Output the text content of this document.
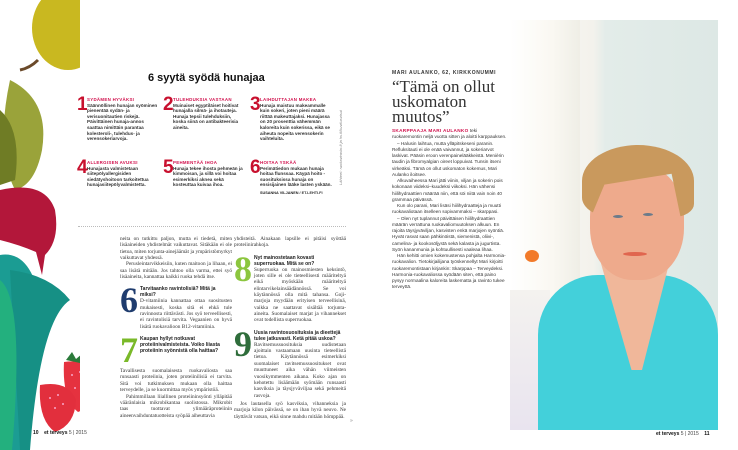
6 syytä syödä hunajaa
1 SYDÄMEN HYVÄKSI
Säännöllinen hunajan syöminen pienentää sydän- ja verisuonitautien riskejä. Päivittäinen hunaja-annos saattaa nimittäin parantaa kolesteroli-, tulehdus- ja verensokeriarvoja.
2 TULEHDUKSIA VASTAAN
Muinaiset egyptiläiset hoitivat hunajalla silmä- ja ihotauteja. Hunaja tepsii tulehduksiin, koska siinä on antibakteerisia aineita.
3 LAIHDUTTAJAN MAKEA
Hunaja maistuu makeammalle kuin sokeri, joten pieni määrä riittää makeuttajaksi. Hunajassa on 20 prosenttia vähemmän kaloreita kuin sokerissa, eikä se aiheuta nopeita verensokerin vaihteluita.
4 ALLERGISEN AVUKSI
Hunajasta valmistetaan siitepölyallergisiden siedätyshoitoon tarkoitettua hunajasiitepölyvalmistetta.
5 PEHMENTÄÄ IHOA
Hunaja tekee ihosta pehmeän ja kimmoisan, ja sillä voi hoitaa esimerkiksi aknea sekä kosteuttaa kuivaa ihoa.
6 HOITAA YSKÄÄ
Perimätiedon mukaan hunaja hoitaa flunssaa. Käypä hoito -suosituksissa hunaja on ensisijainen lääke lasten yskään.
SUSANNA VILJANEN / ET.LEHTI.FI
Lähteet: ruokavirasto.fi ja hs.fi/kuvitusvisut

neita on tutkittu paljon, mutta ei tiedetä, miten lisäaineiden yhdistelmät vaikuttavat. Sitäkään ei ole tietoa, miten torjunta-ainejäämät ja ympäristömyrkyt vaikuttavat yhdessä.

Perusleintarvikkeisiin, kuten maitoon ja lihaan, ei saa lisätä mitään. Jos tahtoo olla varma, ettei syö lisäaineita, kannattaa kaikki ruoka tehdä itse.

6 Tarvitaanko ravintolisiä? Mitä ja miksi?
D-vitamiinia kannattaa ottaa suositusten mukaisesti, koska sitä ei ehkä tule ravinnosta riittävästi. Jos syö terveellisesti, ei ravintolisiä tarvita. Vegaanien on hyvä lisätä ruokavalioon B12-vitamiinia.
7 Kaupan hyllyt notkuvat proteiinivalmisteista. Voiko liiasta proteiinin syönnistä olla haittaa?

Tavallisesta suomalaisesta ruokavaliosta saa runsaasti proteiinia, joten proteiinilisiä ei tarvita. Sitä voi tutkimuksen mukaan olla haittaa terveydelle, ja se kuormittaa myös ympäristöä.

Pahimmillaan liiallinen proteiininsyönti ylläpitää vääränlaisia mikrobikantaa suolistossa. Mikrobit taas tuottavat ylimääräproteiinin aineenvaihduntatuotteista syöpää aiheuttavia

yhdisteitä. Ainakaan lapsille ei pitäisi syöttää proteiinirahkoja.

8 Nyt mainostetaan kovasti superruokaa. Mitä se on?
Superruoka on mainosmiesten keksintö, joten sille ei ole tieteellisesti määriteltyä eikä myöskään määriteltyä elintarvikelainsäädännössä. Se voi käytännössä olla mitä tahansa. Goji-marjoja myydään erityisen terveellisinä, vaikka ne saattavat sisältää torjunta-aineita. Suomalaiset marjat ja vihannekset ovat todellista superruokaa.
9 Uusia ravintosuosituksia ja dieettejä tulee jatkuvasti. Ketä pitää uskoa?
Ravitsemussuosituksia uudistetaan ajoittain vastaamaan uusinta tieteellistä tietoa. Käytännössä esimerkiksi suomalaiset ravitsemussuositukset ovat muuttuneet aika vähän viimeisten vuosikymmenten aikana. Koko ajan on kehotettu lisäämään syömään runsaasti kasviksia ja täysjyväviljaa sekä pehmeitä rasvoja.

Jos lautasella syö kasviksia, vihanneksia ja marjoja kilon päivässä, se on ihan hyvä neuvo. Ne täyttävät vatsan, eikä sinne mahdu mitään hömppää.

»
10 et terveys 5 | 2015
MARI AULANKO, 62, KIRKKONUMMI
“Tämä on ollut uskomaton muutos”

SKARPPAAJA MARI AULANKO teki ruokaremontin neljä vuotta sitten ja aloitti karppauksen.

– Halusin laihtua, mutta ylläpitskeseni paranin. Refluksitauti ei ole enää vaivannut, ja sokeriarvot laskivat. Pääsin eroon verenpainelääkkeistä. Menièrin taudin ja fibromyalgian oireet loppuivat. Tunsin itseni virkeäksi. Tämä on ollut uskomaton kokemus, Mari Aulanko iloitsee.

Alkuvaiheessa Mari jätti viinin, viljan ja sokerin pois kokonaan viideksi–kuudeksi viikoksi. Hän vähensi hiilihydraattien määrää niin, että söi niitä vain noin 40 grammaa päivässä.

Kun olo parani, Mari lisäsi hiilihydraatteja ja muutti ruokavaliotaan itselleen sopivammaksi – skarppasi.

– Olen nyt tuplannut päivittäisen hiilihydraattien määrän verrattuna ruokavaliomuutoksen alkuun. En rajoita täysjyväviljan, kasvisten enkä marjojen syöntiä. Hyvät rasvat saan pähkinöistä, siemenistä, oliivi-, camelina- ja kookosöljystä sekä kalasta ja jugurtista. Syön kananmunia ja kohtuullisesti vaaleaa lihaa.

Hän kehitti omien kokemustensa pohjalta Harmonia-ruokavalion. Tietokirjailijana työskennellyt Mari kirjoitti ruokaremontistaan kirjankin: Skarppaa – Terveydeksi. Harmonia-ruokavaliossa syödään siten, että paino pysyy normaalina kaloreita laskematta ja ravinto tukee terveyttä.

et terveys 5 | 2015 11
